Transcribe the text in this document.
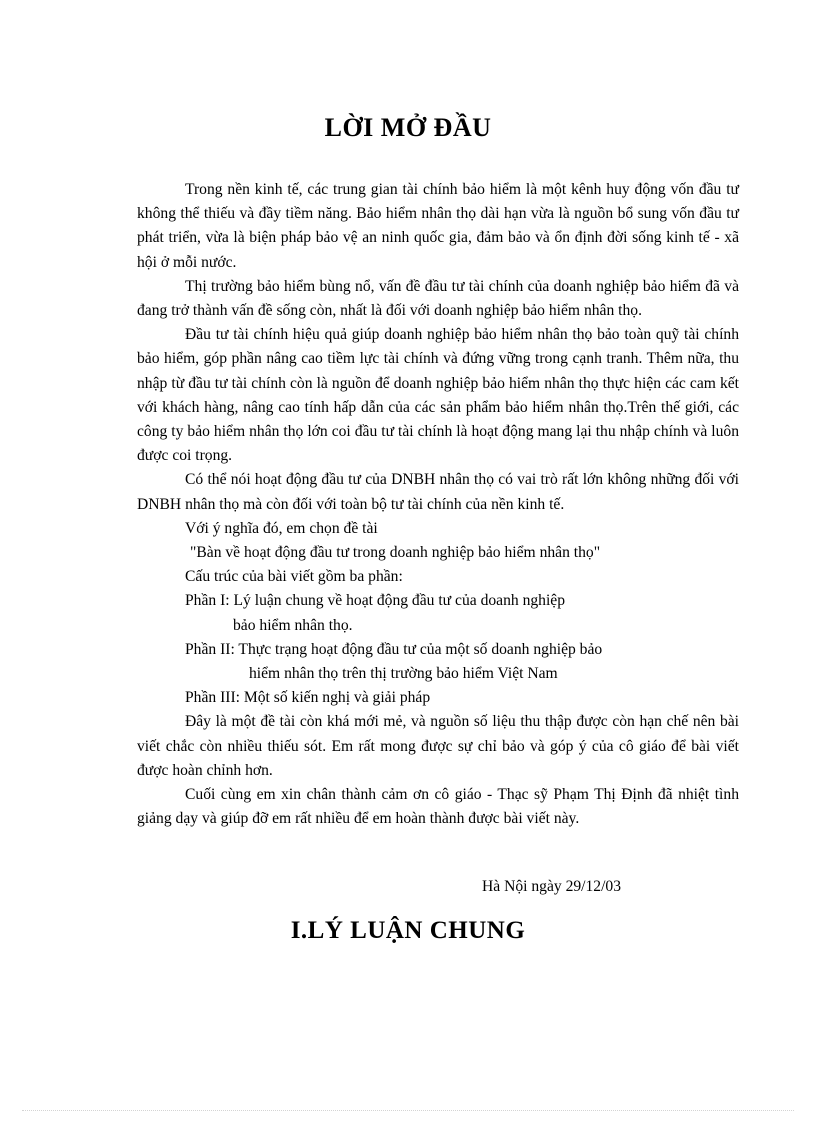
LỜI MỞ ĐẦU

Trong nền kinh tế, các trung gian tài chính bảo hiểm là một kênh huy động vốn đầu tư không thể thiếu và đầy tiềm năng. Bảo hiểm nhân thọ dài hạn vừa là nguồn bổ sung vốn đầu tư phát triển, vừa là biện pháp bảo vệ an ninh quốc gia, đảm bảo và ổn định đời sống kinh tế - xã hội ở mỗi nước.

Thị trường bảo hiểm bùng nổ, vấn đề đầu tư tài chính của doanh nghiệp bảo hiểm đã và đang trở thành vấn đề sống còn, nhất là đối với doanh nghiệp bảo hiểm nhân thọ.

Đầu tư tài chính hiệu quả giúp doanh nghiệp bảo hiểm nhân thọ bảo toàn quỹ tài chính bảo hiểm, góp phần nâng cao tiềm lực tài chính và đứng vững trong cạnh tranh. Thêm nữa, thu nhập từ đầu tư tài chính còn là nguồn để doanh nghiệp bảo hiểm nhân thọ thực hiện các cam kết với khách hàng, nâng cao tính hấp dẫn của các sản phẩm bảo hiểm nhân thọ.Trên thế giới, các công ty bảo hiểm nhân thọ lớn coi đầu tư tài chính là hoạt động mang lại thu nhập chính và luôn được coi trọng.

Có thể nói hoạt động đầu tư của DNBH nhân thọ có vai trò rất lớn không những đối với DNBH nhân thọ mà còn đối với toàn bộ tư tài chính của nền kinh tế.

Với ý nghĩa đó, em chọn đề tài

"Bàn về hoạt động đầu tư trong doanh nghiệp bảo hiểm nhân thọ"

Cấu trúc của bài viết gồm ba phần:

Phần I: Lý luận chung về hoạt động đầu tư của doanh nghiệp

bảo hiểm nhân thọ.

Phần II: Thực trạng hoạt động đầu tư của một số doanh nghiệp bảo

hiểm nhân thọ trên thị trường bảo hiểm Việt Nam

Phần III: Một số kiến nghị và giải pháp

Đây là một đề tài còn khá mới mẻ, và nguồn số liệu thu thập được còn hạn chế nên bài viết chắc còn nhiều thiếu sót. Em rất mong được sự chỉ bảo và góp ý của cô giáo để bài viết được hoàn chỉnh hơn.

Cuối cùng em xin chân thành cảm ơn cô giáo - Thạc sỹ Phạm Thị Định đã nhiệt tình giảng dạy và giúp đỡ em rất nhiều để em hoàn thành được bài viết này.

Hà Nội ngày 29/12/03
I.LÝ LUẬN CHUNG
